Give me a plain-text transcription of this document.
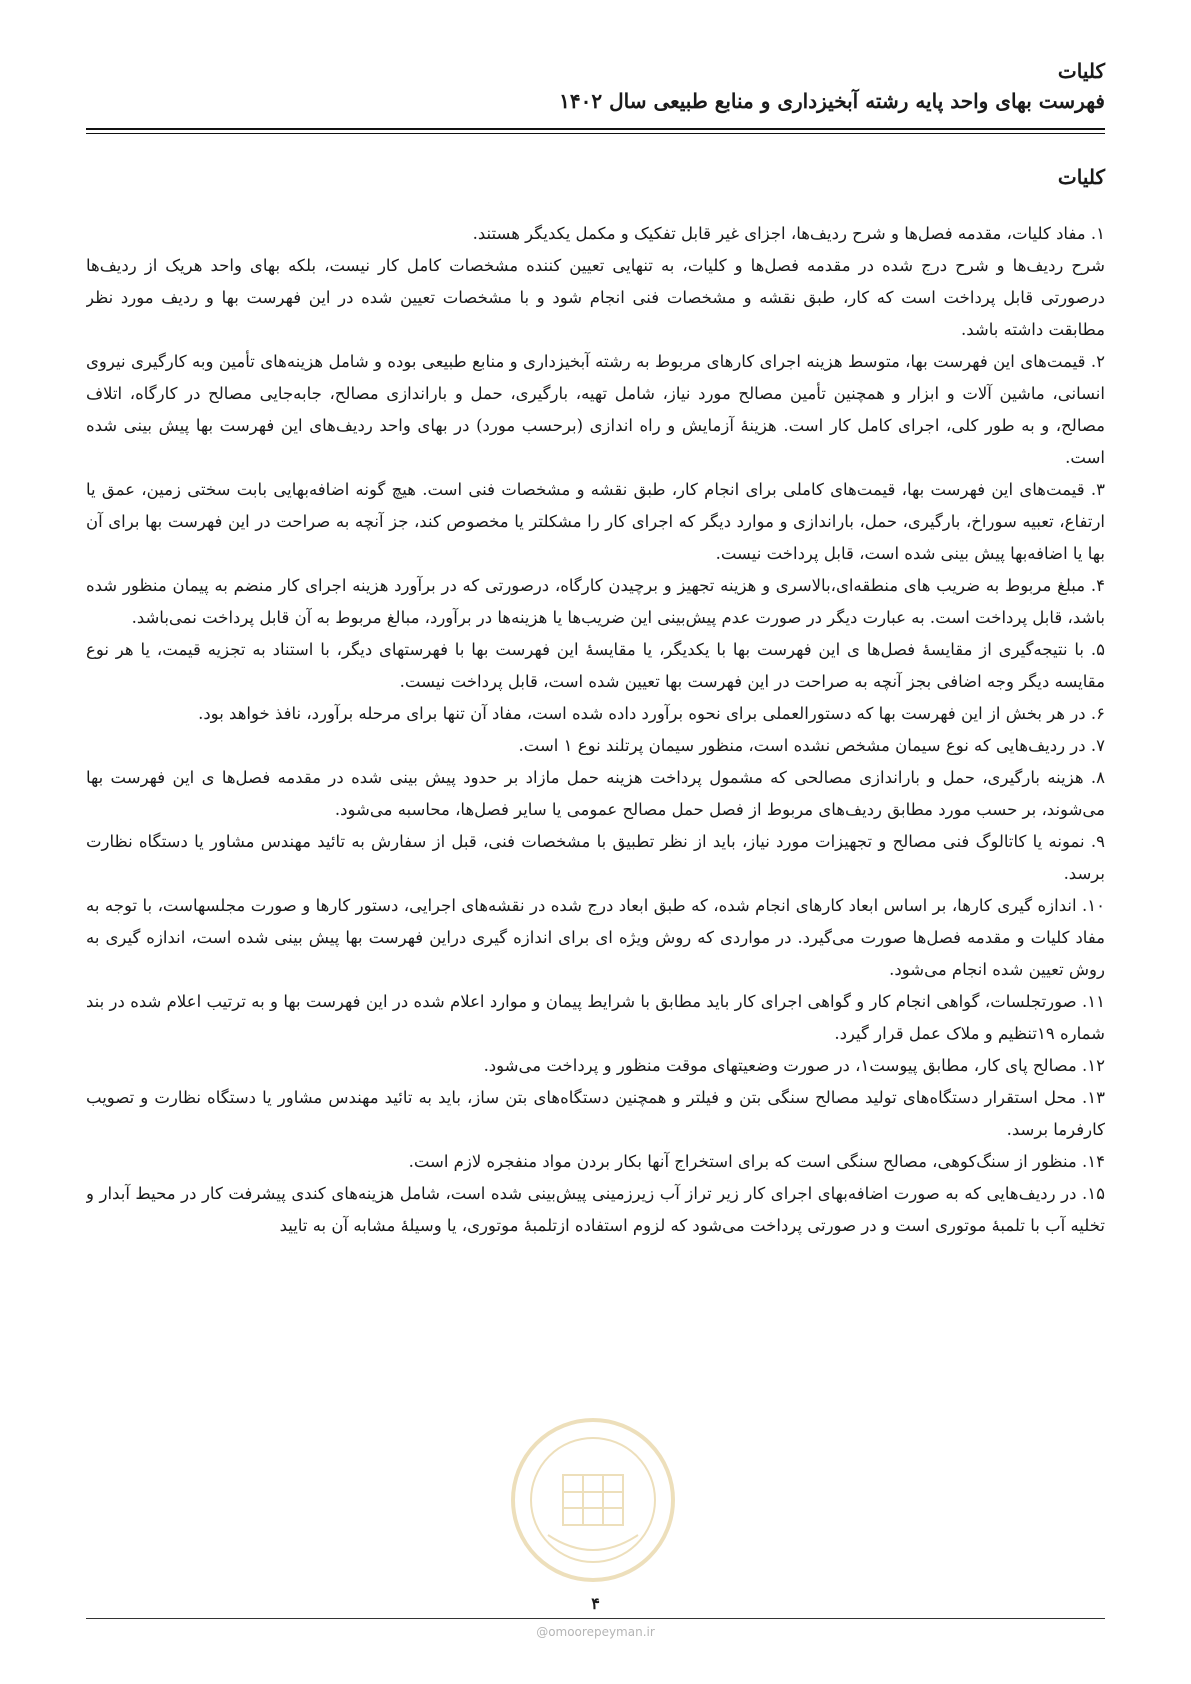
کلیات
فهرست بهای واحد پایه رشته آبخیزداری و منابع طبیعی سال ۱۴۰۲
کلیات

۱. مفاد کلیات، مقدمه فصل‌ها و شرح ردیف‌ها، اجزای غیر قابل تفکیک و مکمل یکدیگر هستند.

شرح ردیف‌ها و شرح درج شده در مقدمه فصل‌ها و کلیات، به تنهایی تعیین کننده مشخصات کامل کار نیست، بلکه بهای واحد هریک از ردیف‌ها درصورتی قابل پرداخت است که کار، طبق نقشه و مشخصات فنی انجام شود و با مشخصات تعیین شده در این فهرست بها و ردیف مورد نظر مطابقت داشته باشد.

۲. قیمت‌های این فهرست بها، متوسط هزینه اجرای کارهای مربوط به رشته آبخیزداری و منابع طبیعی بوده و شامل هزینه‌های تأمین وبه کارگیری نیروی انسانی، ماشین آلات و ابزار و همچنین تأمین مصالح مورد نیاز، شامل تهیه، بارگیری، حمل و باراندازی مصالح، جابه‌جایی مصالح در کارگاه، اتلاف مصالح، و به طور کلی، اجرای کامل کار است. هزینهٔ آزمایش و راه اندازی (برحسب مورد) در بهای واحد ردیف‌های این فهرست بها پیش بینی شده است.

۳. قیمت‌های این فهرست بها، قیمت‌های کاملی برای انجام کار، طبق نقشه و مشخصات فنی است. هیچ گونه اضافه‌بهایی بابت سختی زمین، عمق یا ارتفاع، تعبیه سوراخ، بارگیری، حمل، باراندازی و موارد دیگر که اجرای کار را مشکلتر یا مخصوص کند، جز آنچه به صراحت در این فهرست بها برای آن بها یا اضافه‌بها پیش بینی شده است، قابل پرداخت نیست.

۴. مبلغ مربوط به ضریب های منطقه‌ای،بالاسری و هزینه تجهیز و برچیدن کارگاه، درصورتی که در برآورد هزینه اجرای کار منضم به پیمان منظور شده باشد، قابل پرداخت است. به عبارت دیگر در صورت عدم پیش‌بینی این ضریب‌ها یا هزینه‌ها در برآورد، مبالغ مربوط به آن قابل پرداخت نمی‌باشد.

۵. با نتیجه‌گیری از مقایسهٔ فصل‌ها ی این فهرست بها با یکدیگر، یا مقایسهٔ این فهرست بها با فهرستهای دیگر، با استناد به تجزیه قیمت، یا هر نوع مقایسه دیگر وجه اضافی بجز آنچه به صراحت در این فهرست بها تعیین شده است، قابل پرداخت نیست.

۶. در هر بخش از این فهرست بها که دستورالعملی برای نحوه برآورد داده شده است، مفاد آن تنها برای مرحله برآورد، نافذ خواهد بود.

۷. در ردیف‌هایی که نوع سیمان مشخص نشده است، منظور سیمان پرتلند نوع ۱ است.

۸. هزینه بارگیری، حمل و باراندازی مصالحی که مشمول پرداخت هزینه حمل مازاد بر حدود پیش بینی شده در مقدمه فصل‌ها ی این فهرست بها می‌شوند، بر حسب مورد مطابق ردیف‌های مربوط از فصل حمل مصالح عمومی یا سایر فصل‌ها، محاسبه می‌شود.

۹. نمونه یا کاتالوگ فنی مصالح و تجهیزات مورد نیاز، باید از نظر تطبیق با مشخصات فنی، قبل از سفارش به تائید مهندس مشاور یا دستگاه نظارت برسد.

۱۰. اندازه گیری کارها، بر اساس ابعاد کارهای انجام شده، که طبق ابعاد درج شده در نقشه‌های اجرایی، دستور کارها و صورت مجلسهاست، با توجه به مفاد کلیات و مقدمه فصل‌ها صورت می‌گیرد. در مواردی که روش ویژه ای برای اندازه گیری دراین فهرست بها پیش بینی شده است، اندازه گیری به روش تعیین شده انجام می‌شود.

۱۱. صورتجلسات، گواهی انجام کار و گواهی اجرای کار باید مطابق با شرایط پیمان و موارد اعلام شده در این فهرست بها و به ترتیب اعلام شده در بند شماره ۱۹تنظیم و ملاک عمل قرار گیرد.

۱۲. مصالح پای کار، مطابق پیوست۱، در صورت وضعیتهای موقت منظور و پرداخت می‌شود.

۱۳. محل استقرار دستگاه‌های تولید مصالح سنگی بتن و فیلتر و همچنین دستگاه‌های بتن ساز، باید به تائید مهندس مشاور یا دستگاه نظارت و تصویب کارفرما برسد.

۱۴. منظور از سنگ‌کوهی، مصالح سنگی است که برای استخراج آنها بکار بردن مواد منفجره لازم است.

۱۵. در ردیف‌هایی که به صورت اضافه‌بهای اجرای کار زیر تراز آب زیرزمینی پیش‌بینی شده است، شامل هزینه‌های کندی پیشرفت کار در محیط آبدار و تخلیه آب با تلمبهٔ موتوری است و در صورتی پرداخت می‌شود که لزوم استفاده ازتلمبهٔ موتوری، یا وسیلهٔ مشابه آن به تایید

۴
@omoorepeyman.ir
